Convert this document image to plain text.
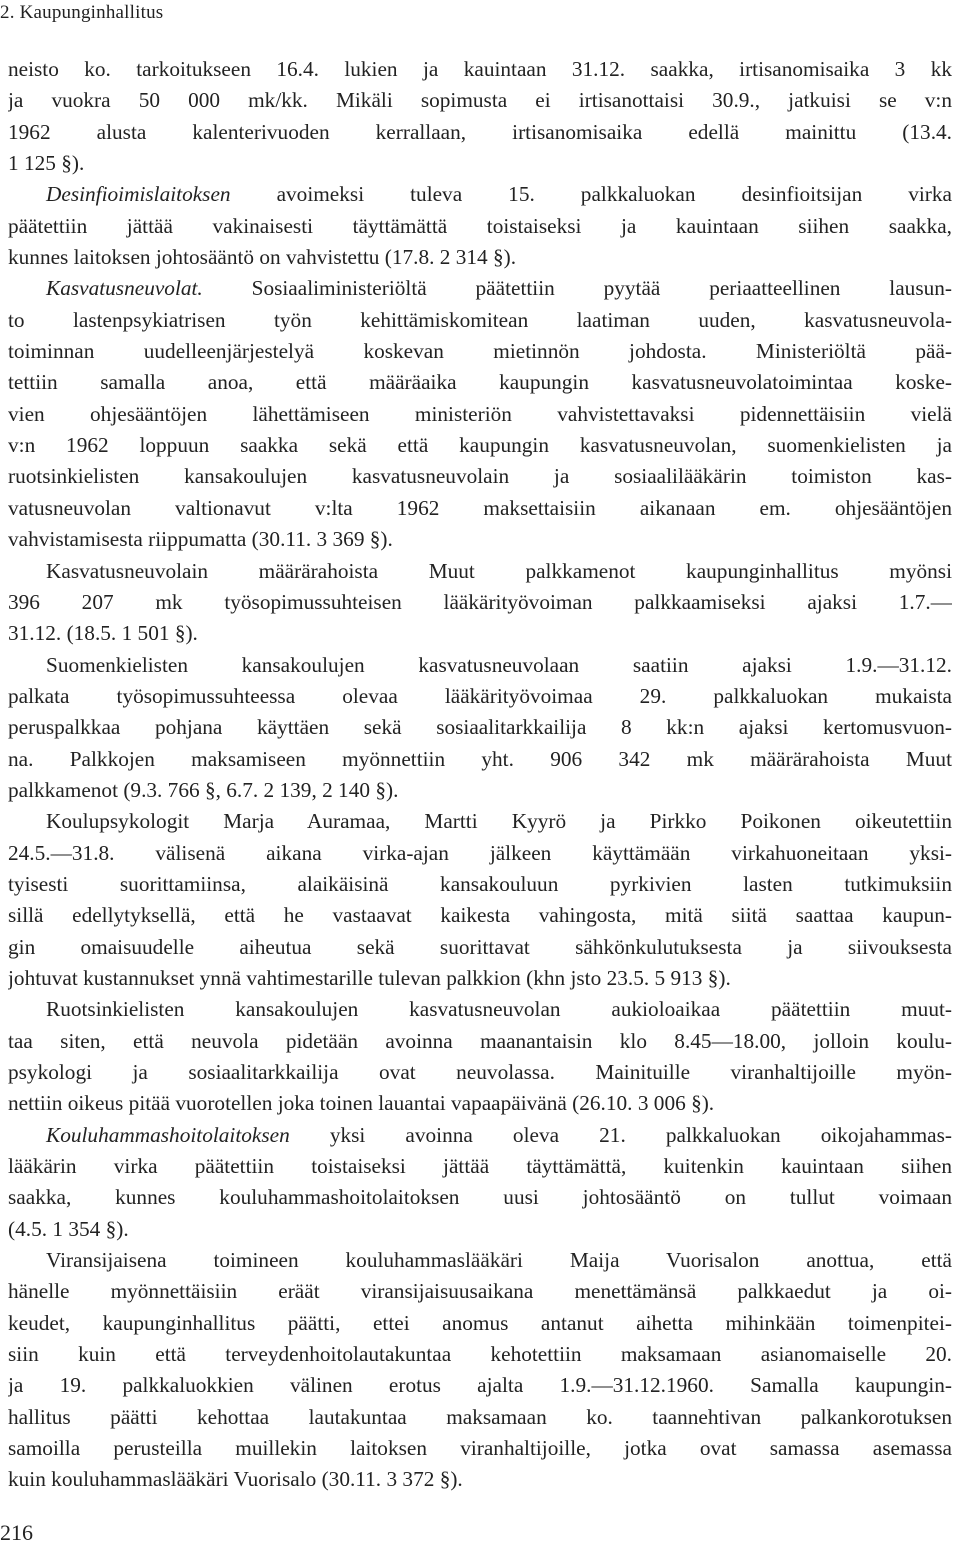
2. Kaupunginhallitus
neisto ko. tarkoitukseen 16.4. lukien ja kauintaan 31.12. saakka, irtisanomisaika 3 kk
ja vuokra 50 000 mk/kk. Mikäli sopimusta ei irtisanottaisi 30.9., jatkuisi se v:n
1962 alusta kalenterivuoden kerrallaan, irtisanomisaika edellä mainittu (13.4.
1 125 §).
Desinfioimislaitoksen avoimeksi tuleva 15. palkkaluokan desinfioitsijan virka
päätettiin jättää vakinaisesti täyttämättä toistaiseksi ja kauintaan siihen saakka,
kunnes laitoksen johtosääntö on vahvistettu (17.8. 2 314 §).
Kasvatusneuvolat. Sosiaaliministeriöltä päätettiin pyytää periaatteellinen lausun-
to lastenpsykiatrisen työn kehittämiskomitean laatiman uuden, kasvatusneuvola-
toiminnan uudelleenjärjestelyä koskevan mietinnön johdosta. Ministeriöltä pää-
tettiin samalla anoa, että määräaika kaupungin kasvatusneuvolatoimintaa koske-
vien ohjesääntöjen lähettämiseen ministeriön vahvistettavaksi pidennettäisiin vielä
v:n 1962 loppuun saakka sekä että kaupungin kasvatusneuvolan, suomenkielisten ja
ruotsinkielisten kansakoulujen kasvatusneuvolain ja sosiaalilääkärin toimiston kas-
vatusneuvolan valtionavut v:lta 1962 maksettaisiin aikanaan em. ohjesääntöjen
vahvistamisesta riippumatta (30.11. 3 369 §).
Kasvatusneuvolain määrärahoista Muut palkkamenot kaupunginhallitus myönsi
396 207 mk työsopimussuhteisen lääkärityövoiman palkkaamiseksi ajaksi 1.7.—
31.12. (18.5. 1 501 §).
Suomenkielisten kansakoulujen kasvatusneuvolaan saatiin ajaksi 1.9.—31.12.
palkata työsopimussuhteessa olevaa lääkärityövoimaa 29. palkkaluokan mukaista
peruspalkkaa pohjana käyttäen sekä sosiaalitarkkailija 8 kk:n ajaksi kertomusvuon-
na. Palkkojen maksamiseen myönnettiin yht. 906 342 mk määrärahoista Muut
palkkamenot (9.3. 766 §, 6.7. 2 139, 2 140 §).
Koulupsykologit Marja Auramaa, Martti Kyyrö ja Pirkko Poikonen oikeutettiin
24.5.—31.8. välisenä aikana virka-ajan jälkeen käyttämään virkahuoneitaan yksi-
tyisesti suorittamiinsa, alaikäisinä kansakouluun pyrkivien lasten tutkimuksiin
sillä edellytyksellä, että he vastaavat kaikesta vahingosta, mitä siitä saattaa kaupun-
gin omaisuudelle aiheutua sekä suorittavat sähkönkulutuksesta ja siivouksesta
johtuvat kustannukset ynnä vahtimestarille tulevan palkkion (khn jsto 23.5. 5 913 §).
Ruotsinkielisten kansakoulujen kasvatusneuvolan aukioloaikaa päätettiin muut-
taa siten, että neuvola pidetään avoinna maanantaisin klo 8.45—18.00, jolloin koulu-
psykologi ja sosiaalitarkkailija ovat neuvolassa. Mainituille viranhaltijoille myön-
nettiin oikeus pitää vuorotellen joka toinen lauantai vapaapäivänä (26.10. 3 006 §).
Kouluhammashoitolaitoksen yksi avoinna oleva 21. palkkaluokan oikojahammas-
lääkärin virka päätettiin toistaiseksi jättää täyttämättä, kuitenkin kauintaan siihen
saakka, kunnes kouluhammashoitolaitoksen uusi johtosääntö on tullut voimaan
(4.5. 1 354 §).
Viransijaisena toimineen kouluhammaslääkäri Maija Vuorisalon anottua, että
hänelle myönnettäisiin eräät viransijaisuusaikana menettämänsä palkkaedut ja oi-
keudet, kaupunginhallitus päätti, ettei anomus antanut aihetta mihinkään toimenpitei-
siin kuin että terveydenhoitolautakuntaa kehotettiin maksamaan asianomaiselle 20.
ja 19. palkkaluokkien välinen erotus ajalta 1.9.—31.12.1960. Samalla kaupungin-
hallitus päätti kehottaa lautakuntaa maksamaan ko. taannehtivan palkankorotuksen
samoilla perusteilla muillekin laitoksen viranhaltijoille, jotka ovat samassa asemassa
kuin kouluhammaslääkäri Vuorisalo (30.11. 3 372 §).
216
